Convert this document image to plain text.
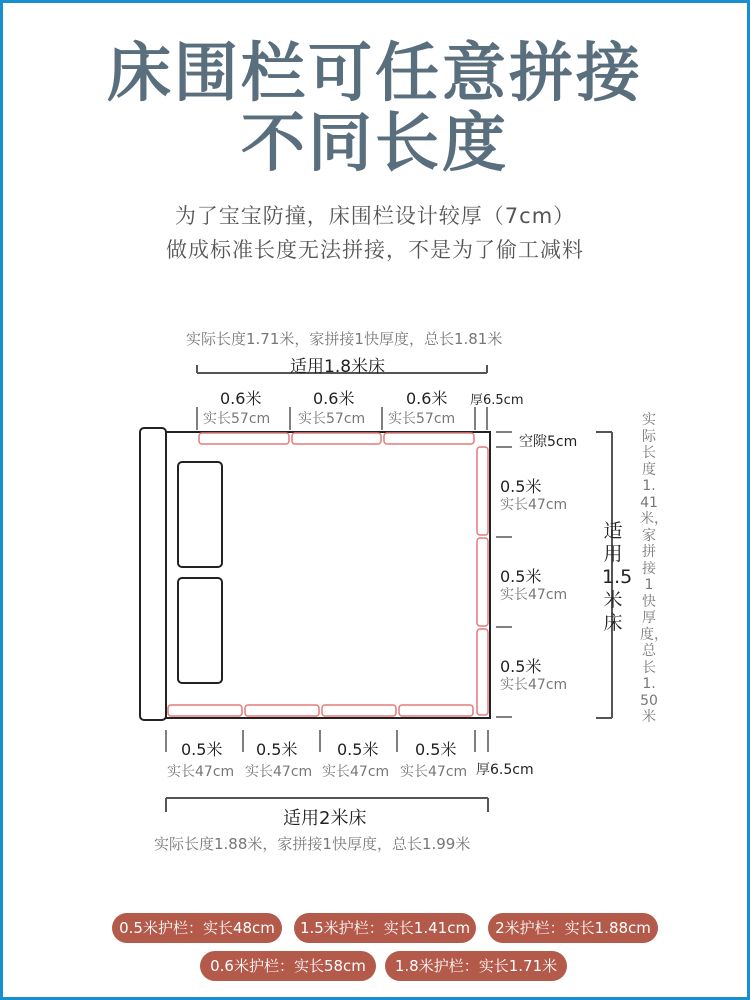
床围栏可任意拼接
不同长度
为了宝宝防撞，床围栏设计较厚（7cm）
做成标准长度无法拼接，不是为了偷工减料
实际长度1.71米，家拼接1快厚度，总长1.81米
适用1.8米床
0.6米	0.6米	0.6米 厚6.5cm
实长57cm 实长57cm 实长57cm
空隙5cm
0.5米
实长47cm
0.5米
实长47cm
0.5米
实长47cm
适用1.5米床
实际长度1.41米，家拼接1快厚度，总长1.50米
0.5米 0.5米 0.5米 0.5米
实长47cm 实长47cm 实长47cm 实长47cm 厚6.5cm
适用2米床
实际长度1.88米，家拼接1快厚度，总长1.99米
0.5米护栏：实长48cm	1.5米护栏：实长1.41cm	2米护栏：实长1.88cm
0.6米护栏：实长58cm	1.8米护栏：实长1.71米
